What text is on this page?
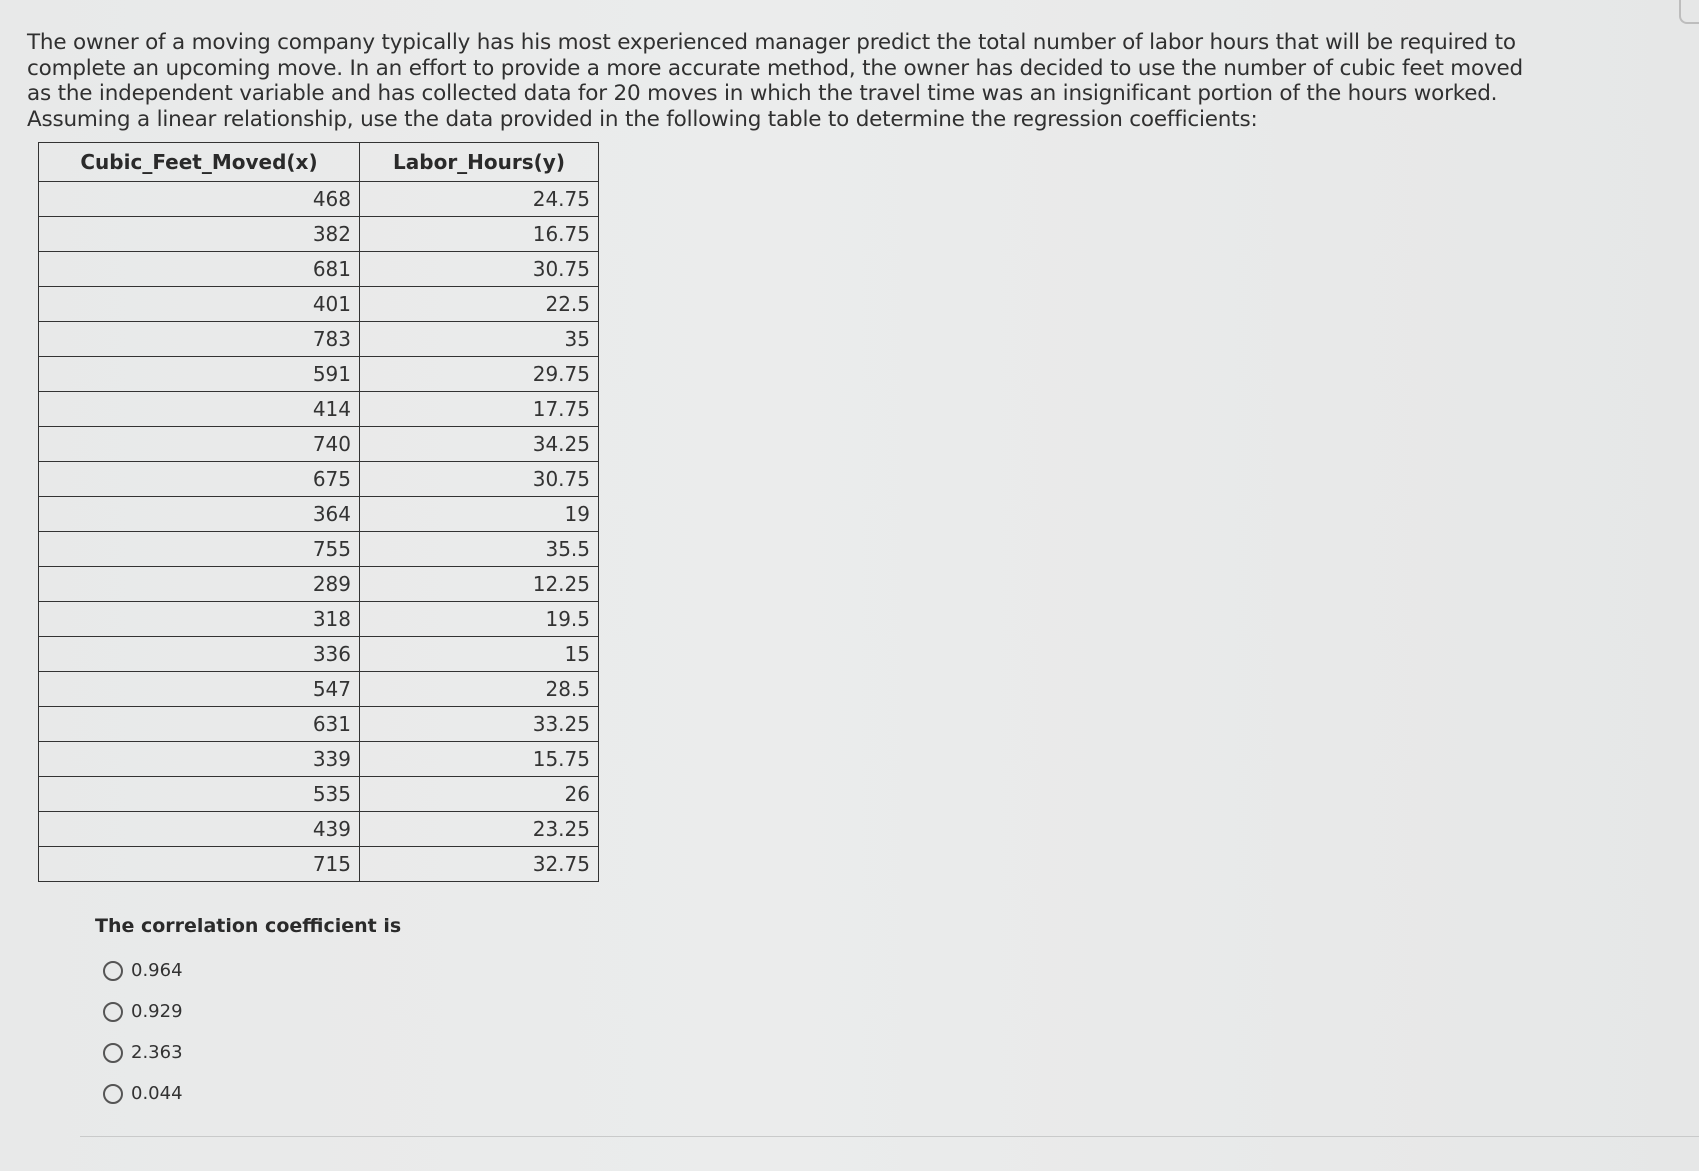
The owner of a moving company typically has his most experienced manager predict the total number of labor hours that will be required to complete an upcoming move. In an effort to provide a more accurate method, the owner has decided to use the number of cubic feet moved as the independent variable and has collected data for 20 moves in which the travel time was an insignificant portion of the hours worked. Assuming a linear relationship, use the data provided in the following table to determine the regression coefficients:
Cubic_Feet_Moved(x)	Labor_Hours(y)
468	24.75
382	16.75
681	30.75
401	22.5
783	35
591	29.75
414	17.75
740	34.25
675	30.75
364	19
755	35.5
289	12.25
318	19.5
336	15
547	28.5
631	33.25
339	15.75
535	26
439	23.25
715	32.75
The correlation coefficient is
0.964
0.929
2.363
0.044
